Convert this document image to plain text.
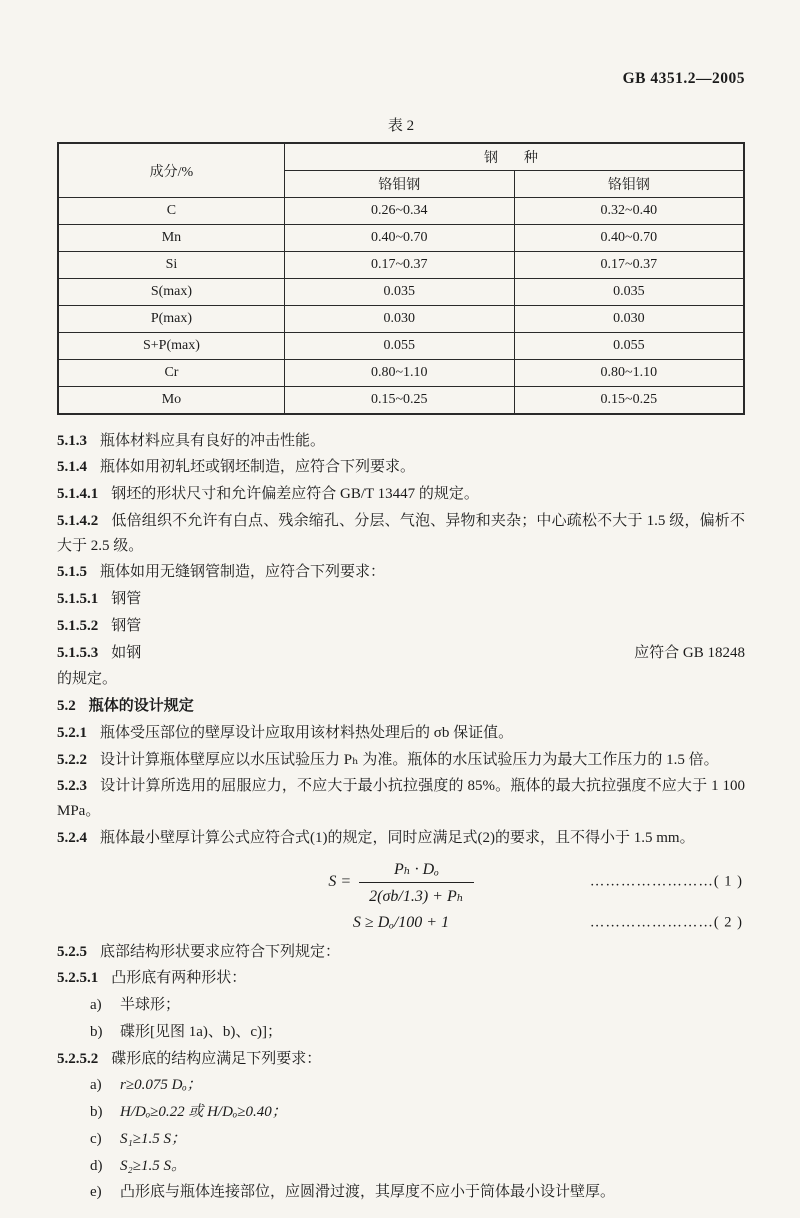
GB 4351.2—2005
表 2
成分/%	钢　种	
	铬钼钢	铬钼钢
C	0.26~0.34	0.32~0.40
Mn	0.40~0.70	0.40~0.70
Si	0.17~0.37	0.17~0.37
S(max)	0.035	0.035
P(max)	0.030	0.030
S+P(max)	0.055	0.055
Cr	0.80~1.10	0.80~1.10
Mo	0.15~0.25	0.15~0.25

5.1.3 瓶体材料应具有良好的冲击性能。

5.1.4 瓶体如用初轧坯或钢坯制造，应符合下列要求。

5.1.4.1 钢坯的形状尺寸和允许偏差应符合 GB/T 13447 的规定。

5.1.4.2 低倍组织不允许有白点、残余缩孔、分层、气泡、异物和夹杂；中心疏松不大于 1.5 级，偏析不大于 2.5 级。

5.1.5 瓶体如用无缝钢管制造，应符合下列要求：

5.1.5.1 钢管

5.1.5.2 钢管

5.1.5.3 如钢	应符合 GB 18248

的规定。

5.2 瓶体的设计规定

5.2.1 瓶体受压部位的壁厚设计应取用该材料热处理后的 σb 保证值。

5.2.2 设计计算瓶体壁厚应以水压试验压力 Pₕ 为准。瓶体的水压试验压力为最大工作压力的 1.5 倍。

5.2.3 设计计算所选用的屈服应力，不应大于最小抗拉强度的 85%。瓶体的最大抗拉强度不应大于 1 100 MPa。

5.2.4 瓶体最小壁厚计算公式应符合式(1)的规定，同时应满足式(2)的要求，且不得小于 1.5 mm。

$S = \frac{\text{Pₕ · Dₒ}}{\text{2(σb/1.3) + Pₕ}}$	……………………( 1 )
S ≥ Dₒ/100 + 1	……………………( 2 )

5.2.5 底部结构形状要求应符合下列规定：

5.2.5.1 凸形底有两种形状：

a)	半球形；
b)	碟形[见图 1a)、b)、c)]；

5.2.5.2 碟形底的结构应满足下列要求：

a)	r≥0.075 Dₒ；
b)	H/Dₒ≥0.22 或 H/Dₒ≥0.40；
c)	S₁≥1.5 S；
d)	S₂≥1.5 S。
e)	凸形底与瓶体连接部位，应圆滑过渡，其厚度不应小于筒体最小设计壁厚。
